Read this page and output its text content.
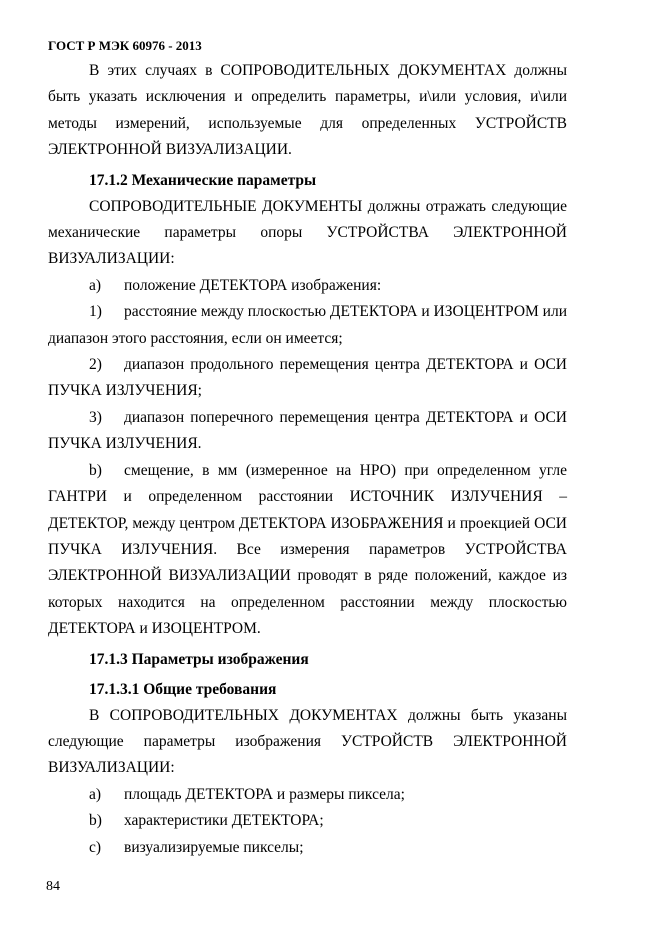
ГОСТ Р МЭК 60976 - 2013

В этих случаях в СОПРОВОДИТЕЛЬНЫХ ДОКУМЕНТАХ должны быть указать исключения и определить параметры, и\или условия, и\или методы измерений, используемые для определенных УСТРОЙСТВ ЭЛЕКТРОННОЙ ВИЗУАЛИЗАЦИИ.

17.1.2 Механические параметры

СОПРОВОДИТЕЛЬНЫЕ ДОКУМЕНТЫ должны отражать следующие механические параметры опоры УСТРОЙСТВА ЭЛЕКТРОННОЙ ВИЗУАЛИЗАЦИИ:

a) положение ДЕТЕКТОРА изображения:

1) расстояние между плоскостью ДЕТЕКТОРА и ИЗОЦЕНТРОМ или диапазон этого расстояния, если он имеется;

2) диапазон продольного перемещения центра ДЕТЕКТОРА и ОСИ ПУЧКА ИЗЛУЧЕНИЯ;

3) диапазон поперечного перемещения центра ДЕТЕКТОРА и ОСИ ПУЧКА ИЗЛУЧЕНИЯ.

b) смещение, в мм (измеренное на НРО) при определенном угле ГАНТРИ и определенном расстоянии ИСТОЧНИК ИЗЛУЧЕНИЯ – ДЕТЕКТОР, между центром ДЕТЕКТОРА ИЗОБРАЖЕНИЯ и проекцией ОСИ ПУЧКА ИЗЛУЧЕНИЯ. Все измерения параметров УСТРОЙСТВА ЭЛЕКТРОННОЙ ВИЗУАЛИЗАЦИИ проводят в ряде положений, каждое из которых находится на определенном расстоянии между плоскостью ДЕТЕКТОРА и ИЗОЦЕНТРОМ.

17.1.3 Параметры изображения

17.1.3.1 Общие требования

В СОПРОВОДИТЕЛЬНЫХ ДОКУМЕНТАХ должны быть указаны следующие параметры изображения УСТРОЙСТВ ЭЛЕКТРОННОЙ ВИЗУАЛИЗАЦИИ:

a) площадь ДЕТЕКТОРА и размеры пиксела;

b) характеристики ДЕТЕКТОРА;

c) визуализируемые пикселы;

84
